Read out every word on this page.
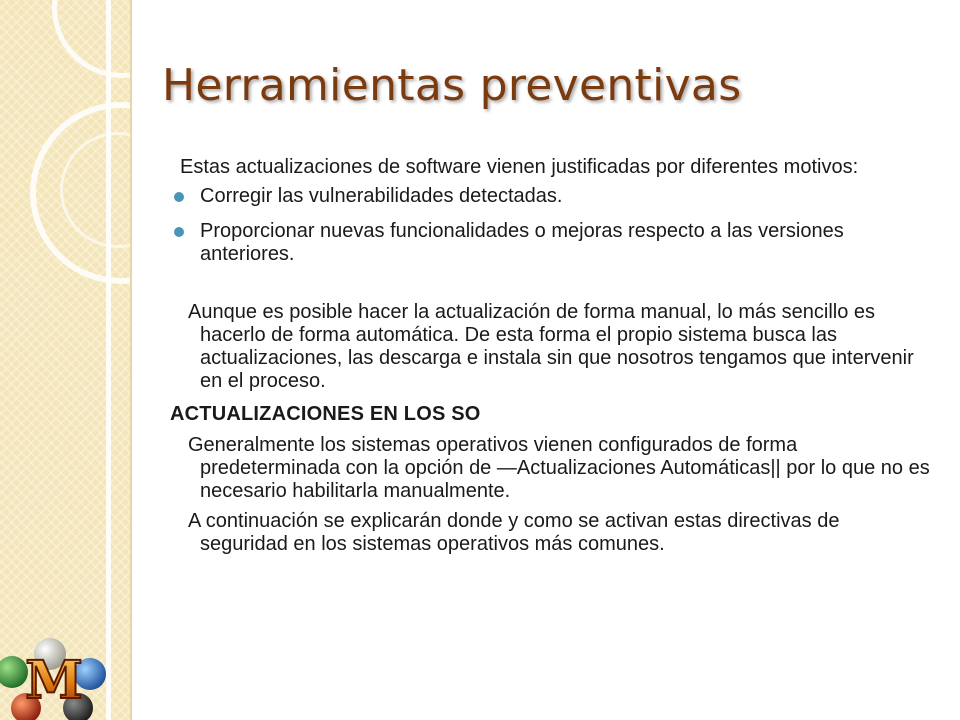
M
Herramientas preventivas

Estas actualizaciones de software vienen justificadas por diferentes motivos:

Corregir las vulnerabilidades detectadas.
Proporcionar nuevas funcionalidades o mejoras respecto a las versiones anteriores.

Aunque es posible hacer la actualización de forma manual, lo más sencillo es hacerlo de forma automática. De esta forma el propio sistema busca las actualizaciones, las descarga e instala sin que nosotros tengamos que intervenir en el proceso.

ACTUALIZACIONES EN LOS SO

Generalmente los sistemas operativos vienen configurados de forma predeterminada con la opción de —Actualizaciones Automáticas|| por lo que no es necesario habilitarla manualmente.

A continuación se explicarán donde y como se activan estas directivas de seguridad en los sistemas operativos más comunes.
